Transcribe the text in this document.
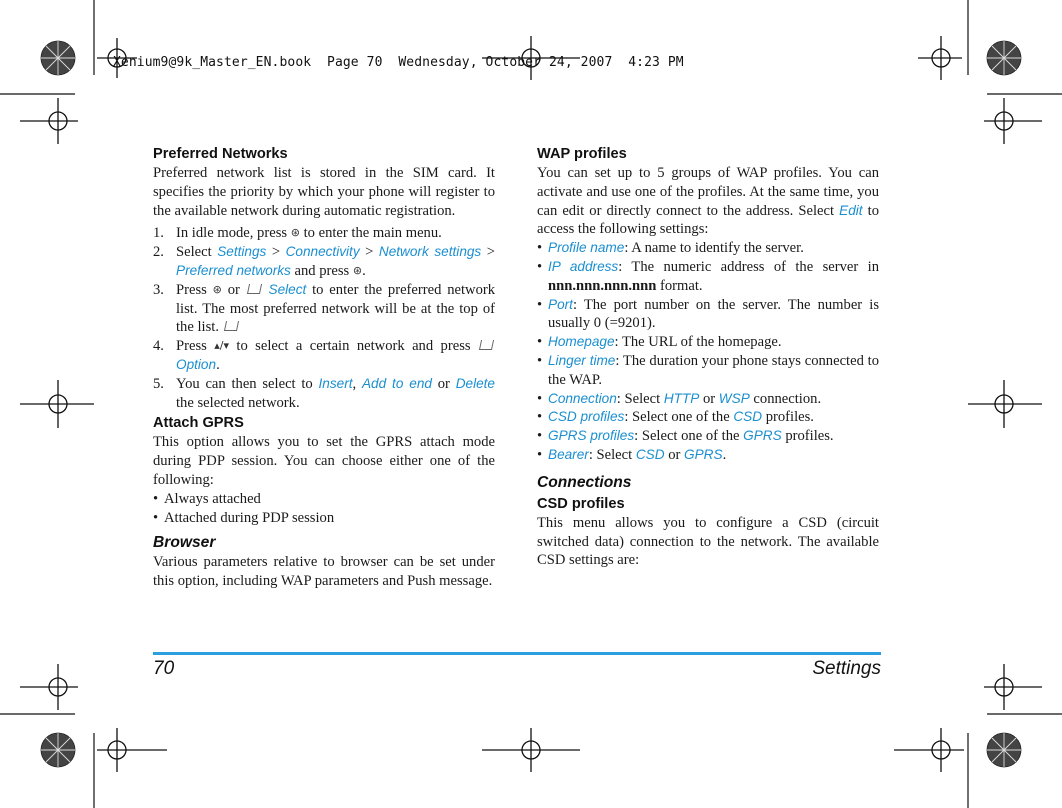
Xenium9@9k_Master_EN.book  Page 70  Wednesday, October 24, 2007  4:23 PM
Preferred Networks

Preferred network list is stored in the SIM card. It specifies the priority by which your phone will register to the available network during automatic registration.

1. In idle mode, press ⊛ to enter the main menu.
2. Select Settings > Connectivity > Network settings > Preferred networks and press ⊛.
3. Press ⊛ or Select to enter the preferred network list. The most preferred network will be at the top of the list.
4. Press ▴/▾ to select a certain network and press  Option.
5. You can then select to Insert, Add to end or Delete the selected network.
Attach GPRS

This option allows you to set the GPRS attach mode during PDP session. You can choose either one of the following:

• Always attached
• Attached during PDP session
Browser

Various parameters relative to browser can be set under this option, including WAP parameters and Push message.

WAP profiles

You can set up to 5 groups of WAP profiles. You can activate and use one of the profiles. At the same time, you can edit or directly connect to the address. Select Edit to access the following settings:

• Profile name: A name to identify the server.
• IP address: The numeric address of the server in nnn.nnn.nnn.nnn format.
• Port: The port number on the server. The number is usually 0 (=9201).
• Homepage: The URL of the homepage.
• Linger time: The duration your phone stays connected to the WAP.
• Connection: Select HTTP or WSP connection.
• CSD profiles: Select one of the CSD profiles.
• GPRS profiles: Select one of the GPRS profiles.
• Bearer: Select CSD or GPRS.
Connections
CSD profiles

This menu allows you to configure a CSD (circuit switched data) connection to the network. The available CSD settings are:

70	Settings
